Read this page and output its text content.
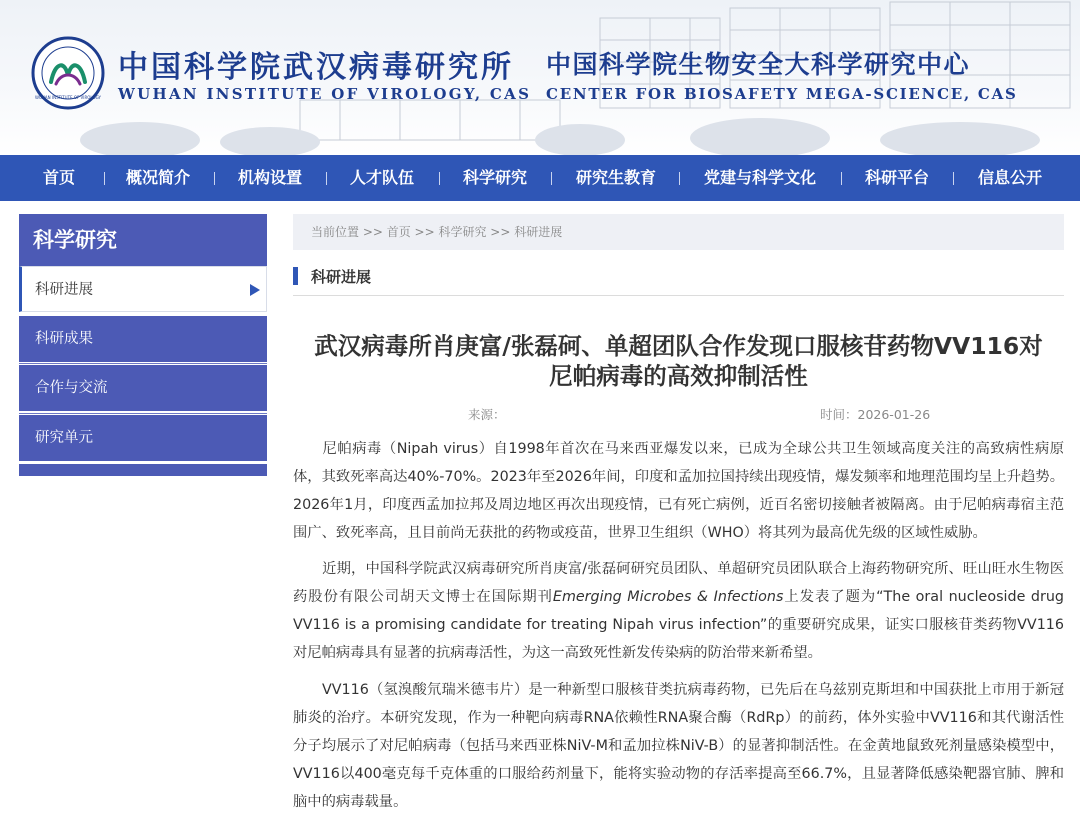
WUHAN INSTITUTE OF VIROLOGY
中国科学院武汉病毒研究所
WUHAN INSTITUTE OF VIROLOGY, CAS
中国科学院生物安全大科学研究中心
CENTER FOR BIOSAFETY MEGA-SCIENCE, CAS
首页	概况简介	机构设置	人才队伍	科学研究	研究生教育	党建与科学文化	科研平台	信息公开
科学研究
科研进展
科研成果
合作与交流
研究单元
当前位置 >> 首页 >> 科学研究 >> 科研进展
科研进展
武汉病毒所肖庚富/张磊砢、单超团队合作发现口服核苷药物VV116对
尼帕病毒的高效抑制活性
来源：	时间：2026-01-26

尼帕病毒（Nipah virus）自1998年首次在马来西亚爆发以来，已成为全球公共卫生领域高度关注的高致病性病原体，其致死率高达40%-70%。2023年至2026年间，印度和孟加拉国持续出现疫情，爆发频率和地理范围均呈上升趋势。2026年1月，印度西孟加拉邦及周边地区再次出现疫情，已有死亡病例，近百名密切接触者被隔离。由于尼帕病毒宿主范围广、致死率高，且目前尚无获批的药物或疫苗，世界卫生组织（WHO）将其列为最高优先级的区域性威胁。

近期，中国科学院武汉病毒研究所肖庚富/张磊砢研究员团队、单超研究员团队联合上海药物研究所、旺山旺水生物医药股份有限公司胡天文博士在国际期刊Emerging Microbes & Infections上发表了题为“The oral nucleoside drug VV116 is a promising candidate for treating Nipah virus infection”的重要研究成果，证实口服核苷类药物VV116对尼帕病毒具有显著的抗病毒活性，为这一高致死性新发传染病的防治带来新希望。

VV116（氢溴酸氘瑞米德韦片）是一种新型口服核苷类抗病毒药物，已先后在乌兹别克斯坦和中国获批上市用于新冠肺炎的治疗。本研究发现，作为一种靶向病毒RNA依赖性RNA聚合酶（RdRp）的前药，体外实验中VV116和其代谢活性分子均展示了对尼帕病毒（包括马来西亚株NiV-M和孟加拉株NiV-B）的显著抑制活性。在金黄地鼠致死剂量感染模型中，VV116以400毫克每千克体重的口服给药剂量下，能将实验动物的存活率提高至66.7%，且显著降低感染靶器官肺、脾和脑中的病毒载量。
